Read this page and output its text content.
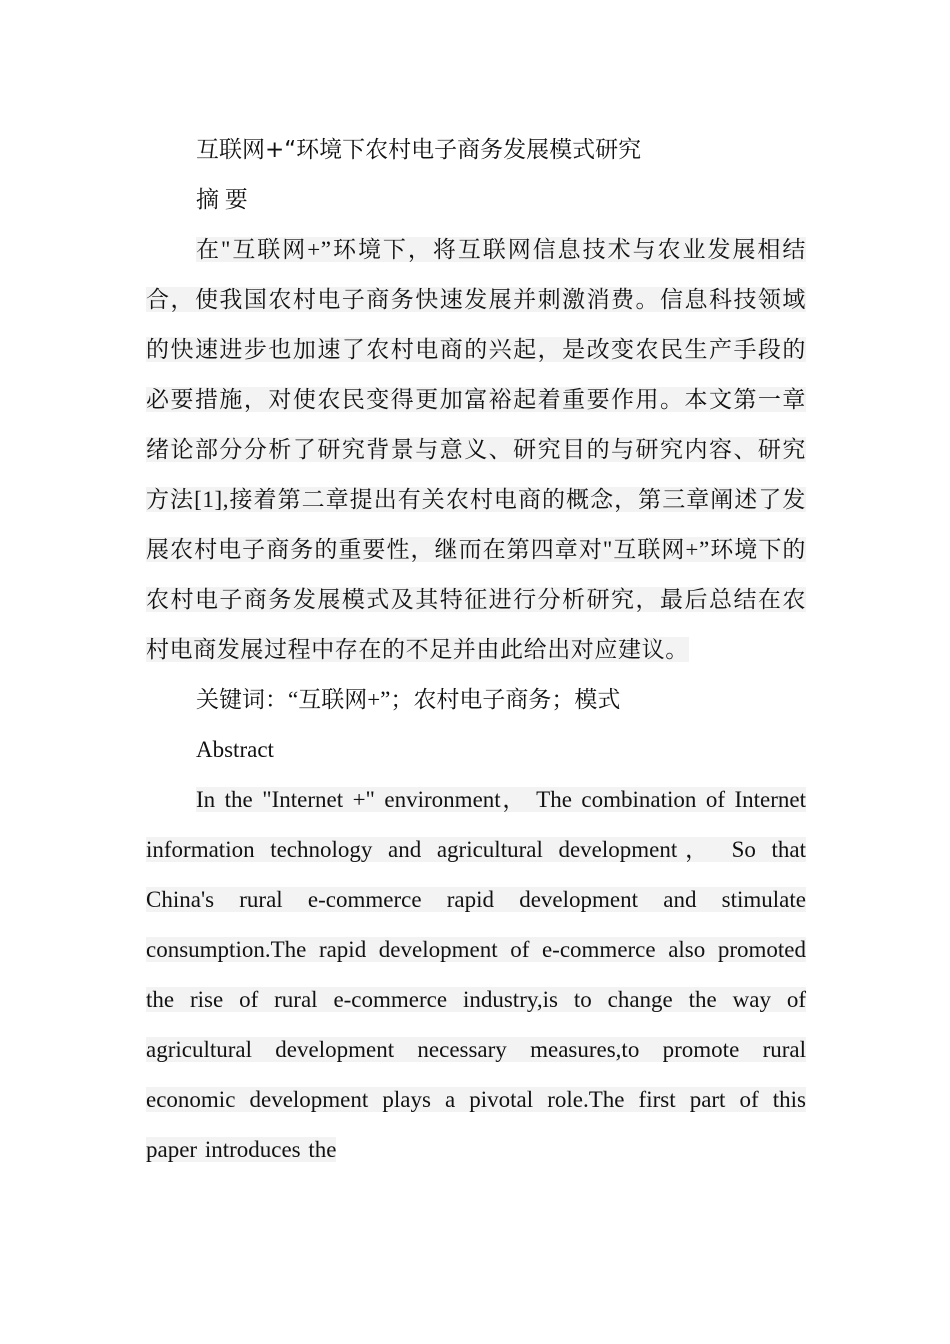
互联网+“环境下农村电子商务发展模式研究
摘 要

在"互联网+”环境下，将互联网信息技术与农业发展相结合，使我国农村电子商务快速发展并刺激消费。信息科技领域的快速进步也加速了农村电商的兴起，是改变农民生产手段的必要措施，对使农民变得更加富裕起着重要作用。本文第一章绪论部分分析了研究背景与意义、研究目的与研究内容、研究方法[1],接着第二章提出有关农村电商的概念，第三章阐述了发展农村电子商务的重要性，继而在第四章对"互联网+”环境下的农村电子商务发展模式及其特征进行分析研究，最后总结在农村电商发展过程中存在的不足并由此给出对应建议。

关键词：“互联网+”；农村电子商务；模式
Abstract

In the "Internet +" environment， The combination of Internet information technology and agricultural development， So that China's rural e-commerce rapid development and stimulate consumption.The rapid development of e-commerce also promoted the rise of rural e-commerce industry,is to change the way of agricultural development necessary measures,to promote rural economic development plays a pivotal role.The first part of this paper introduces the
